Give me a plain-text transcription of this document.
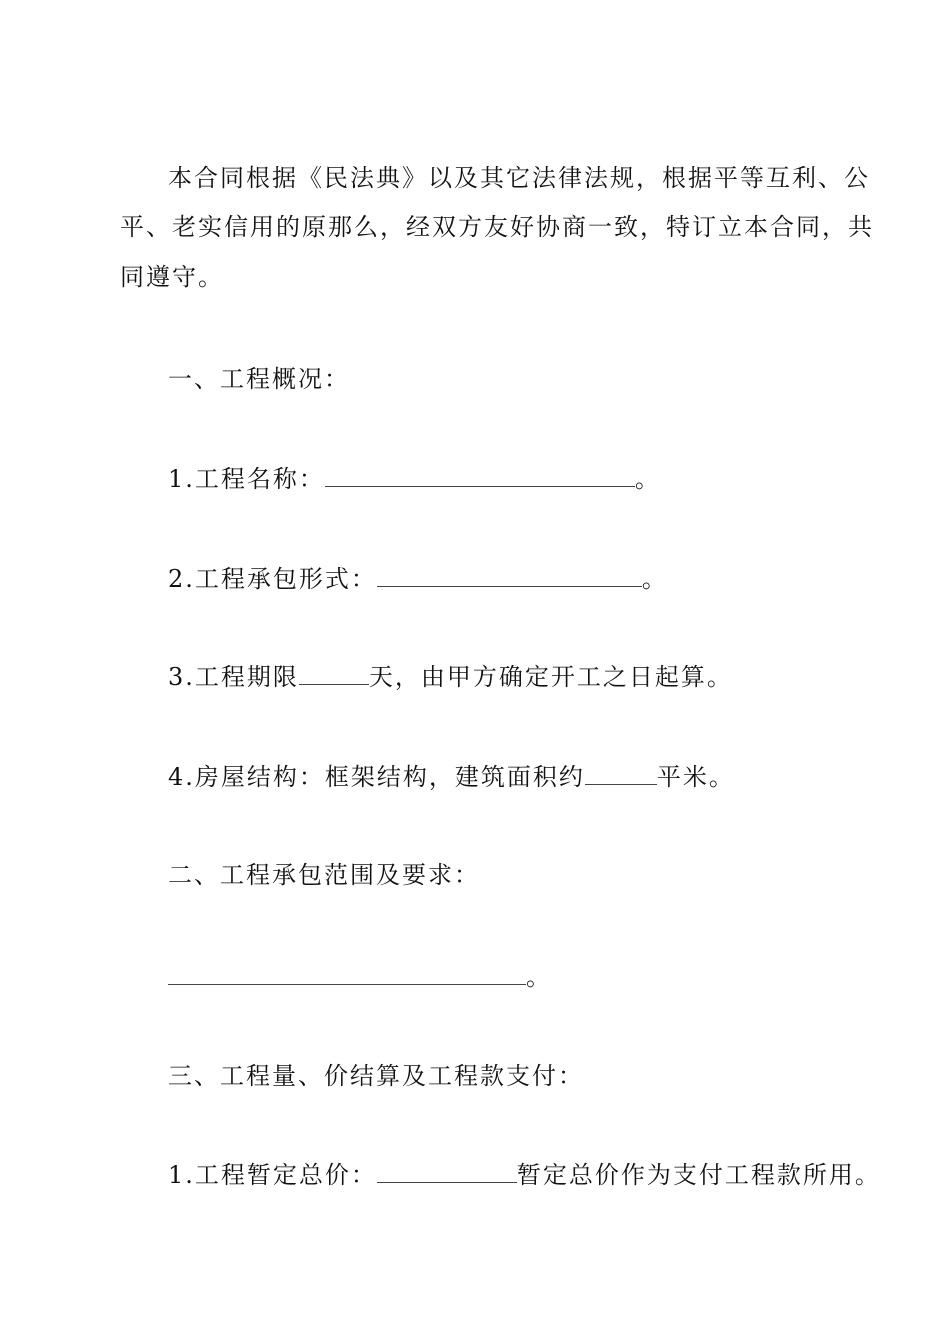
本合同根据《民法典》以及其它法律法规，根据平等互利、公
平、老实信用的原那么，经双方友好协商一致，特订立本合同，共
同遵守。
一、工程概况：
1.工程名称：	。
2.工程承包形式：	。
3.工程期限	天，由甲方确定开工之日起算。
4.房屋结构：框架结构，建筑面积约	平米。
二、工程承包范围及要求：
。
三、工程量、价结算及工程款支付：
1.工程暂定总价：	暂定总价作为支付工程款所用。
